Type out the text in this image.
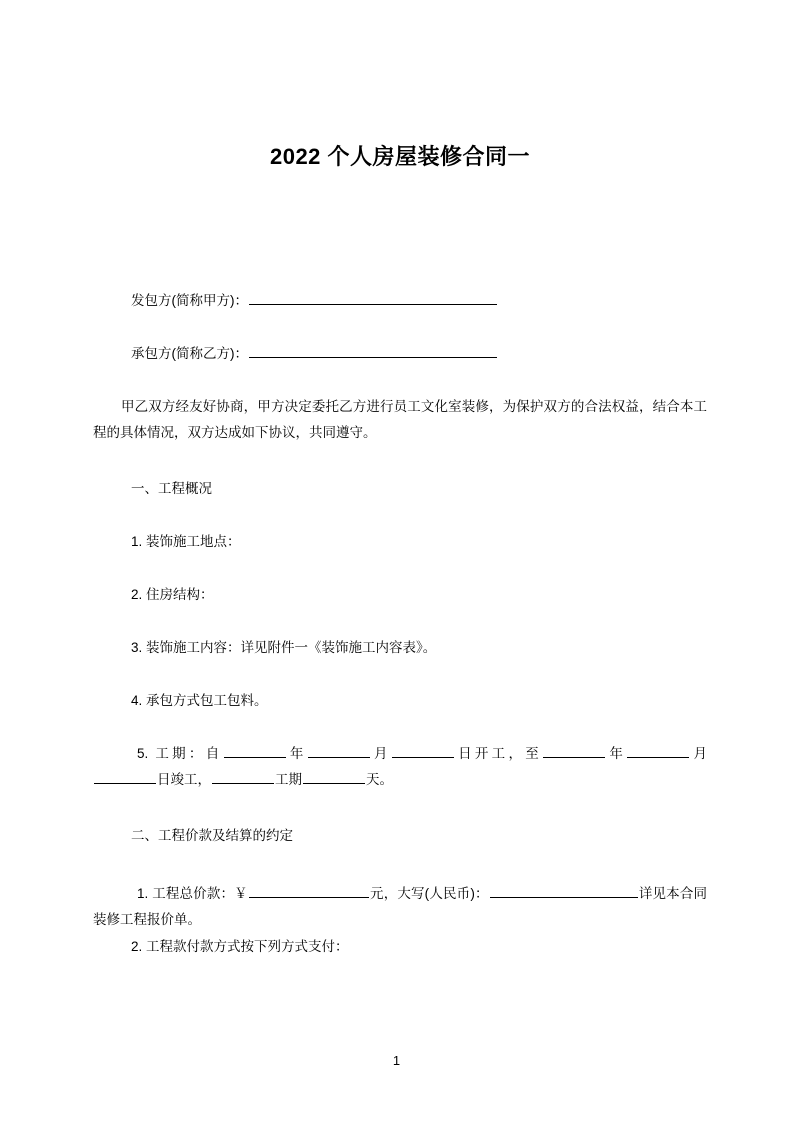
2022 个人房屋装修合同一
发包方(简称甲方)：
承包方(简称乙方)：
甲乙双方经友好协商，甲方决定委托乙方进行员工文化室装修，为保护双方的合法权益，结合本工程的具体情况，双方达成如下协议，共同遵守。
一、工程概况
1. 装饰施工地点：
2. 住房结构：
3. 装饰施工内容：详见附件一《装饰施工内容表》。
4. 承包方式包工包料。
5. 工期：自	年	月	日开工，至	年	月日竣工，	工期	天。
二、工程价款及结算的约定
1. 工程总价款：￥	元，大写(人民币)：	详见本合同装修工程报价单。
2. 工程款付款方式按下列方式支付：
1
